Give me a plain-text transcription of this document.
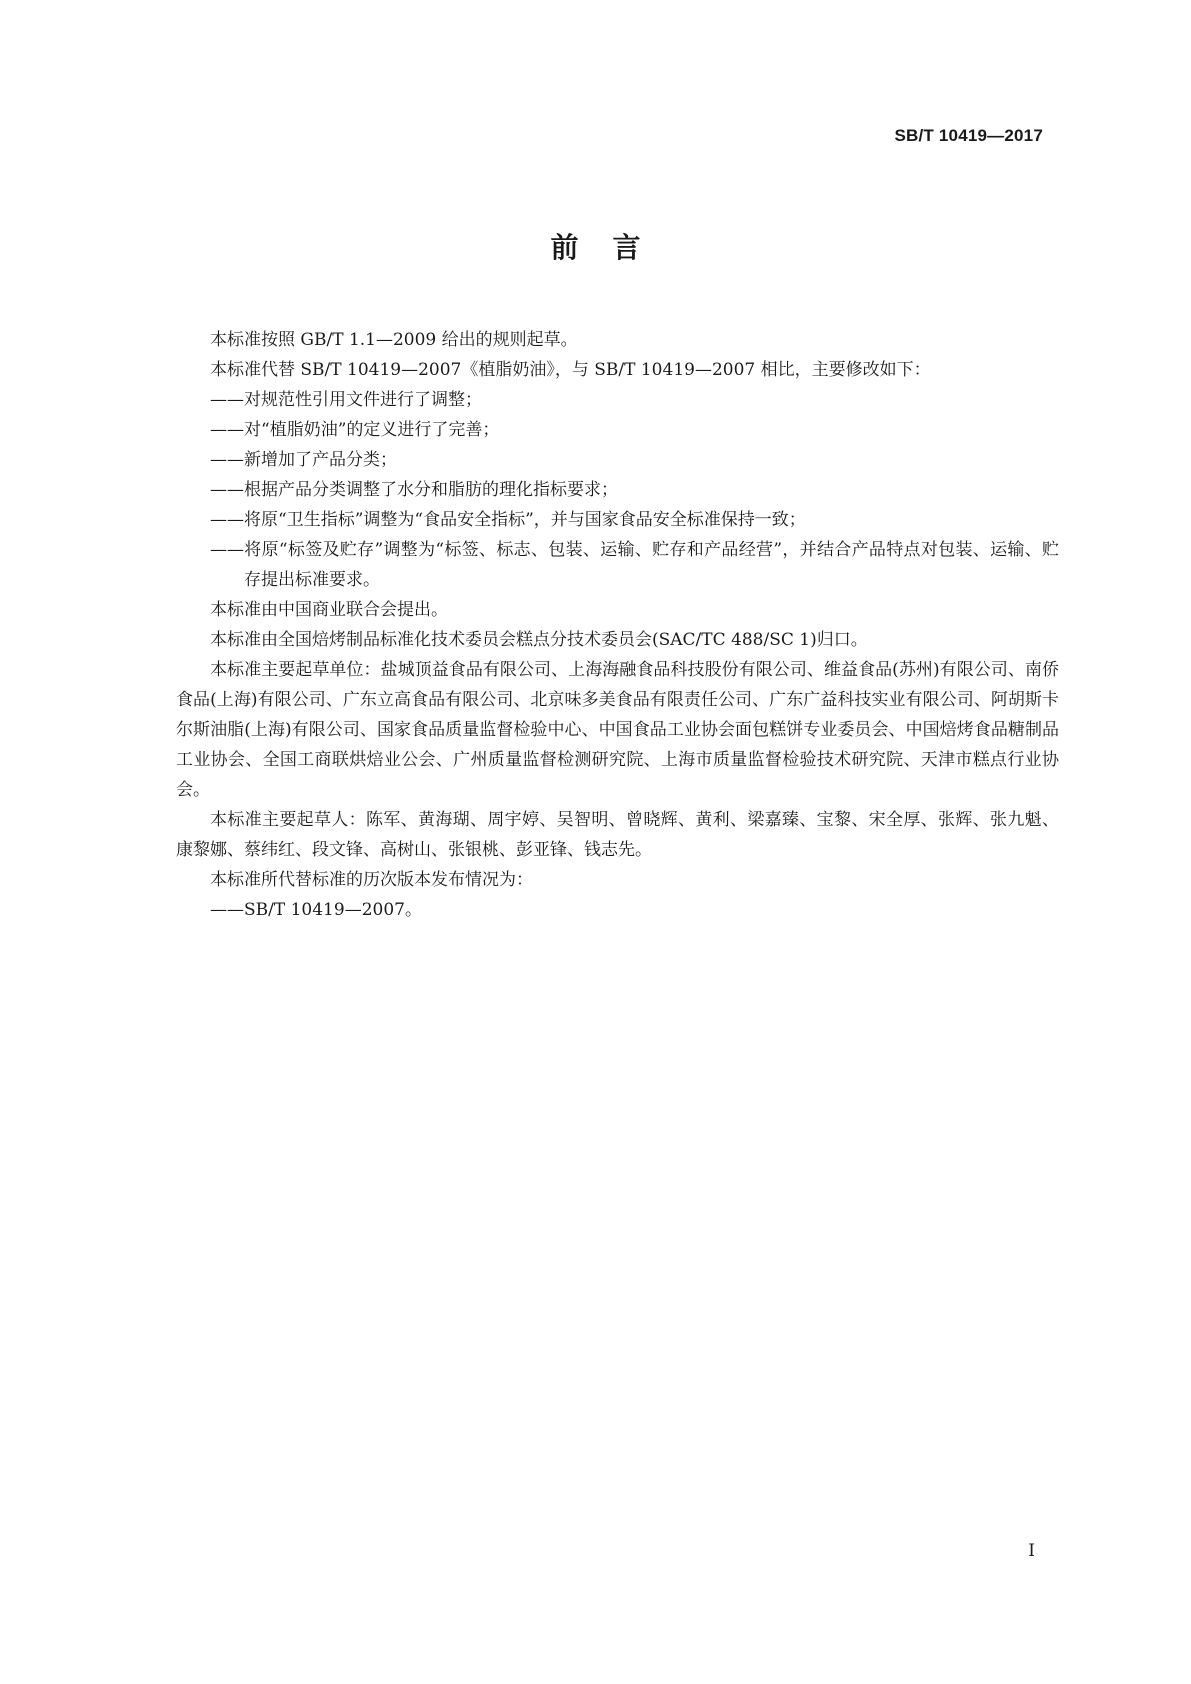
SB/T 10419—2017
前言

本标准按照 GB/T 1.1—2009 给出的规则起草。

本标准代替 SB/T 10419—2007《植脂奶油》，与 SB/T 10419—2007 相比，主要修改如下：

——对规范性引用文件进行了调整；

——对“植脂奶油”的定义进行了完善；

——新增加了产品分类；

——根据产品分类调整了水分和脂肪的理化指标要求；

——将原“卫生指标”调整为“食品安全指标”，并与国家食品安全标准保持一致；

——将原“标签及贮存”调整为“标签、标志、包装、运输、贮存和产品经营”，并结合产品特点对包装、运输、贮存提出标准要求。

本标准由中国商业联合会提出。

本标准由全国焙烤制品标准化技术委员会糕点分技术委员会(SAC/TC 488/SC 1)归口。

本标准主要起草单位：盐城顶益食品有限公司、上海海融食品科技股份有限公司、维益食品(苏州)有限公司、南侨食品(上海)有限公司、广东立高食品有限公司、北京味多美食品有限责任公司、广东广益科技实业有限公司、阿胡斯卡尔斯油脂(上海)有限公司、国家食品质量监督检验中心、中国食品工业协会面包糕饼专业委员会、中国焙烤食品糖制品工业协会、全国工商联烘焙业公会、广州质量监督检测研究院、上海市质量监督检验技术研究院、天津市糕点行业协会。

本标准主要起草人：陈军、黄海瑚、周宇婷、吴智明、曾晓辉、黄利、梁嘉臻、宝黎、宋全厚、张辉、张九魁、康黎娜、蔡纬红、段文锋、高树山、张银桃、彭亚锋、钱志先。

本标准所代替标准的历次版本发布情况为：

——SB/T 10419—2007。

I
